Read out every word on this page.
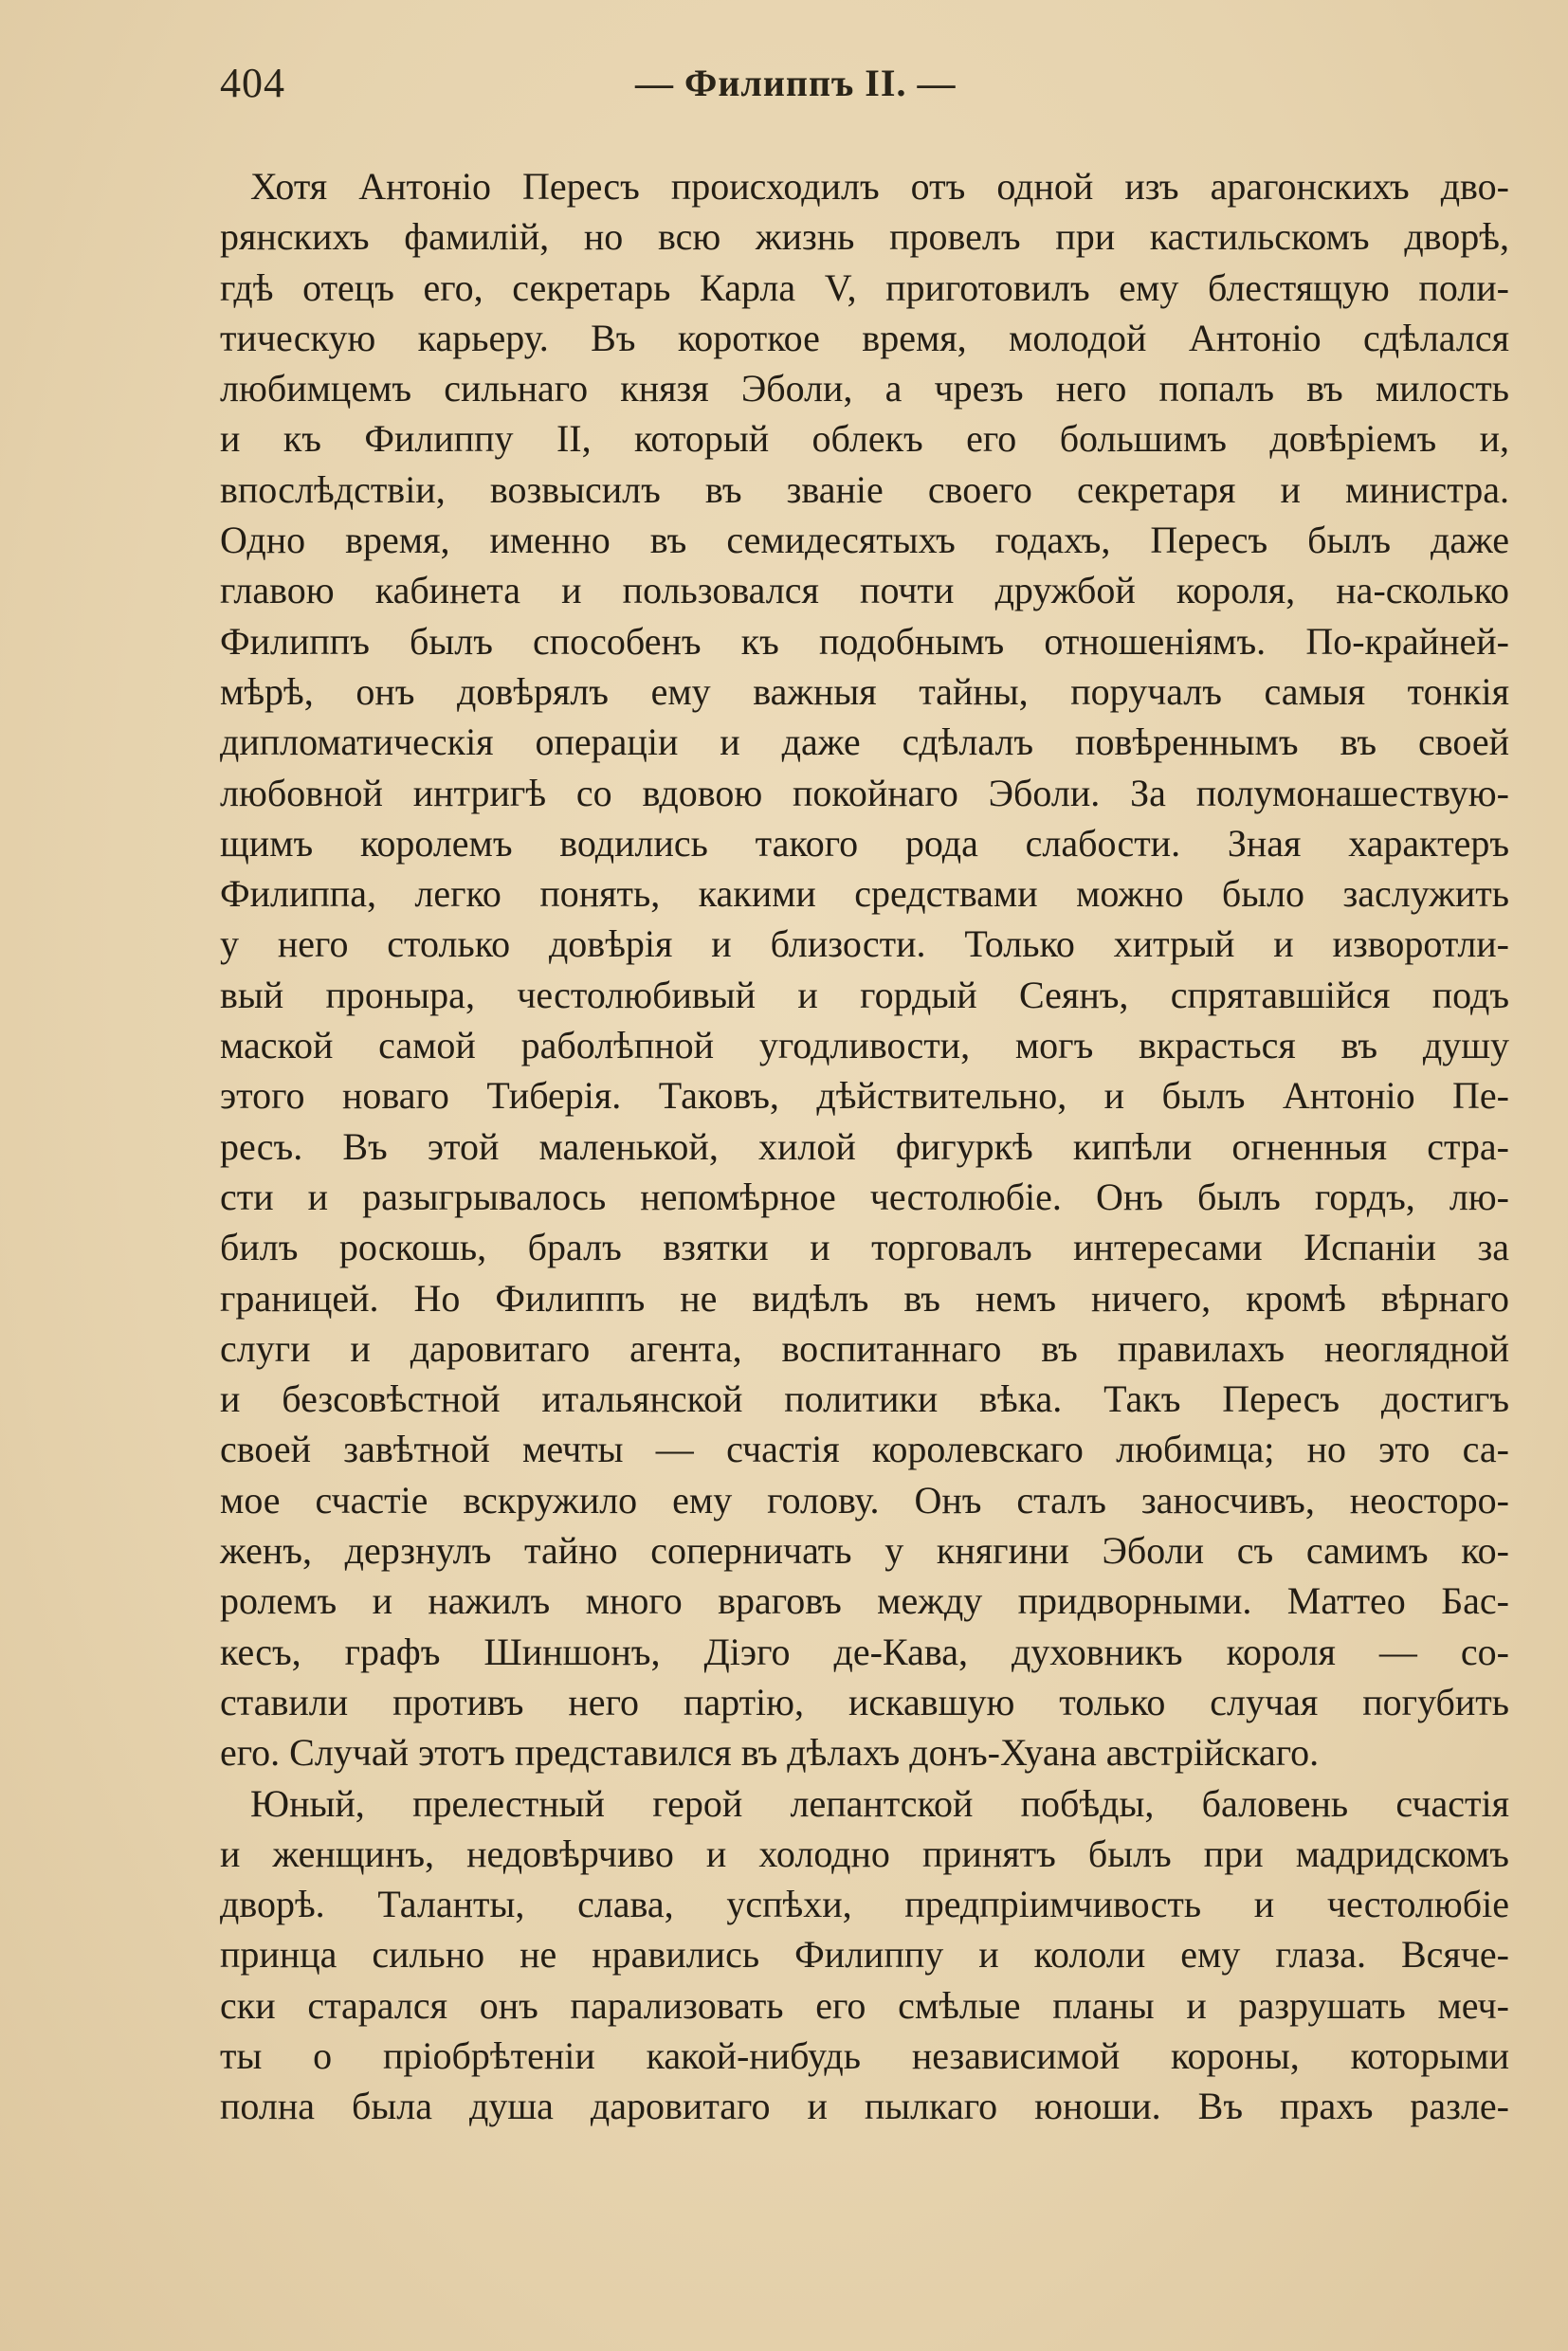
404	— Филиппъ II. —
Хотя Антоніо Пересъ происходилъ отъ одной изъ арагонскихъ дво-
рянскихъ фамилій, но всю жизнь провелъ при кастильскомъ дворѣ,
гдѣ отецъ его, секретарь Карла V, приготовилъ ему блестящую поли-
тическую карьеру. Въ короткое время, молодой Антоніо сдѣлался
любимцемъ сильнаго князя Эболи, а чрезъ него попалъ въ милость
и къ Филиппу II, который облекъ его большимъ довѣріемъ и,
впослѣдствіи, возвысилъ въ званіе своего секретаря и министра.
Одно время, именно въ семидесятыхъ годахъ, Пересъ былъ даже
главою кабинета и пользовался почти дружбой короля, на-сколько
Филиппъ былъ способенъ къ подобнымъ отношеніямъ. По-крайней-
мѣрѣ, онъ довѣрялъ ему важныя тайны, поручалъ самыя тонкія
дипломатическія операціи и даже сдѣлалъ повѣреннымъ въ своей
любовной интригѣ со вдовою покойнаго Эболи. За полумонашествую-
щимъ королемъ водились такого рода слабости. Зная характеръ
Филиппа, легко понять, какими средствами можно было заслужить
у него столько довѣрія и близости. Только хитрый и изворотли-
вый проныра, честолюбивый и гордый Сеянъ, спрятавшійся подъ
маской самой раболѣпной угодливости, могъ вкрасться въ душу
этого новаго Тиберія. Таковъ, дѣйствительно, и былъ Антоніо Пе-
ресъ. Въ этой маленькой, хилой фигуркѣ кипѣли огненныя стра-
сти и разыгрывалось непомѣрное честолюбіе. Онъ былъ гордъ, лю-
билъ роскошь, бралъ взятки и торговалъ интересами Испаніи за
границей. Но Филиппъ не видѣлъ въ немъ ничего, кромѣ вѣрнаго
слуги и даровитаго агента, воспитаннаго въ правилахъ неоглядной
и безсовѣстной итальянской политики вѣка. Такъ Пересъ достигъ
своей завѣтной мечты — счастія королевскаго любимца; но это са-
мое счастіе вскружило ему голову. Онъ сталъ заносчивъ, неосторо-
женъ, дерзнулъ тайно соперничать у княгини Эболи съ самимъ ко-
ролемъ и нажилъ много враговъ между придворными. Маттео Бас-
кесъ, графъ Шиншонъ, Діэго де-Кава, духовникъ короля — со-
ставили противъ него партію, искавшую только случая погубить
его. Случай этотъ представился въ дѣлахъ донъ-Хуана австрійскаго.
Юный, прелестный герой лепантской побѣды, баловень счастія
и женщинъ, недовѣрчиво и холодно принятъ былъ при мадридскомъ
дворѣ. Таланты, слава, успѣхи, предпріимчивость и честолюбіе
принца сильно не нравились Филиппу и кололи ему глаза. Всяче-
ски старался онъ парализовать его смѣлые планы и разрушать меч-
ты о пріобрѣтеніи какой-нибудь независимой короны, которыми
полна была душа даровитаго и пылкаго юноши. Въ прахъ разле-
